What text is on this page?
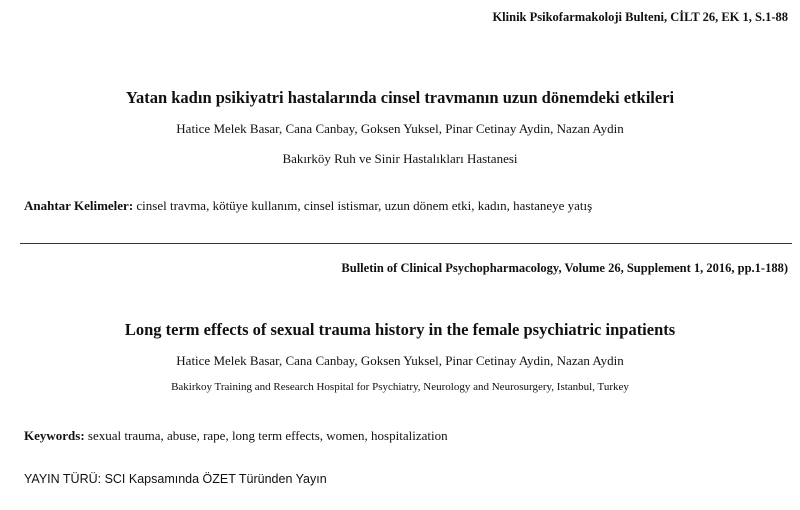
Klinik Psikofarmakoloji Bulteni, CİLT 26, EK 1, S.1-88
Yatan kadın psikiyatri hastalarında cinsel travmanın uzun dönemdeki etkileri
Hatice Melek Basar, Cana Canbay, Goksen Yuksel, Pinar Cetinay Aydin, Nazan Aydin
Bakırköy Ruh ve Sinir Hastalıkları Hastanesi
Anahtar Kelimeler: cinsel travma, kötüye kullanım, cinsel istismar, uzun dönem etki, kadın, hastaneye yatış
Bulletin of Clinical Psychopharmacology, Volume 26, Supplement 1, 2016, pp.1-188)
Long term effects of sexual trauma history in the female psychiatric inpatients
Hatice Melek Basar, Cana Canbay, Goksen Yuksel, Pinar Cetinay Aydin, Nazan Aydin
Bakirkoy Training and Research Hospital for Psychiatry, Neurology and Neurosurgery, Istanbul, Turkey
Keywords: sexual trauma, abuse, rape, long term effects, women, hospitalization
YAYIN TÜRÜ: SCI Kapsamında ÖZET Türünden Yayın
